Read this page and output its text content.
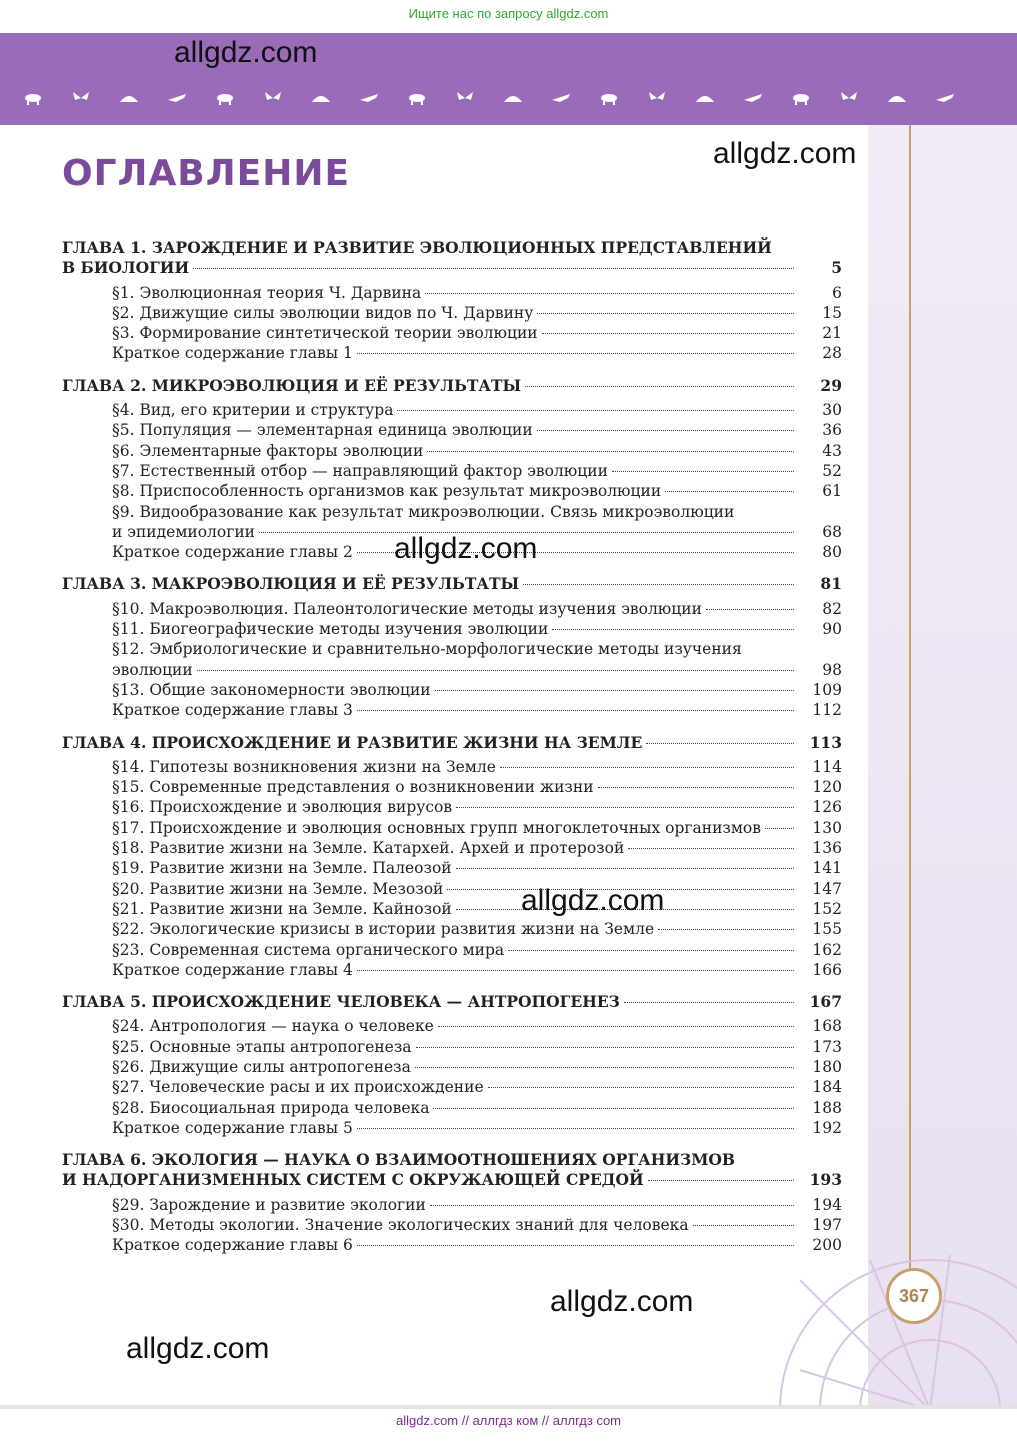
Ищите нас по запросу allgdz.com
367
ОГЛАВЛЕНИЕ
ГЛАВА 1. ЗАРОЖДЕНИЕ И РАЗВИТИЕ ЭВОЛЮЦИОННЫХ ПРЕДСТАВЛЕНИЙ
В БИОЛОГИИ	5
§1. Эволюционная теория Ч. Дарвина	6
§2. Движущие силы эволюции видов по Ч. Дарвину	15
§3. Формирование синтетической теории эволюции	21
Краткое содержание главы 1	28
ГЛАВА 2. МИКРОЭВОЛЮЦИЯ И ЕЁ РЕЗУЛЬТАТЫ	29
§4. Вид, его критерии и структура	30
§5. Популяция — элементарная единица эволюции	36
§6. Элементарные факторы эволюции	43
§7. Естественный отбор — направляющий фактор эволюции	52
§8. Приспособленность организмов как результат микроэволюции	61
§9. Видообразование как результат микроэволюции. Связь микроэволюции
и эпидемиологии	68
Краткое содержание главы 2	80
ГЛАВА 3. МАКРОЭВОЛЮЦИЯ И ЕЁ РЕЗУЛЬТАТЫ	81
§10. Макроэволюция. Палеонтологические методы изучения эволюции	82
§11. Биогеографические методы изучения эволюции	90
§12. Эмбриологические и сравнительно-морфологические методы изучения
эволюции	98
§13. Общие закономерности эволюции	109
Краткое содержание главы 3	112
ГЛАВА 4. ПРОИСХОЖДЕНИЕ И РАЗВИТИЕ ЖИЗНИ НА ЗЕМЛЕ	113
§14. Гипотезы возникновения жизни на Земле	114
§15. Современные представления о возникновении жизни	120
§16. Происхождение и эволюция вирусов	126
§17. Происхождение и эволюция основных групп многоклеточных организмов	130
§18. Развитие жизни на Земле. Катархей. Архей и протерозой	136
§19. Развитие жизни на Земле. Палеозой	141
§20. Развитие жизни на Земле. Мезозой	147
§21. Развитие жизни на Земле. Кайнозой	152
§22. Экологические кризисы в истории развития жизни на Земле	155
§23. Современная система органического мира	162
Краткое содержание главы 4	166
ГЛАВА 5. ПРОИСХОЖДЕНИЕ ЧЕЛОВЕКА — АНТРОПОГЕНЕЗ	167
§24. Антропология — наука о человеке	168
§25. Основные этапы антропогенеза	173
§26. Движущие силы антропогенеза	180
§27. Человеческие расы и их происхождение	184
§28. Биосоциальная природа человека	188
Краткое содержание главы 5	192
ГЛАВА 6. ЭКОЛОГИЯ — НАУКА О ВЗАИМООТНОШЕНИЯХ ОРГАНИЗМОВ
И НАДОРГАНИЗМЕННЫХ СИСТЕМ С ОКРУЖАЮЩЕЙ СРЕДОЙ	193
§29. Зарождение и развитие экологии	194
§30. Методы экологии. Значение экологических знаний для человека	197
Краткое содержание главы 6	200
allgdz.com
allgdz.com
allgdz.com
allgdz.com
allgdz.com
allgdz.com
allgdz.com // аллгдз ком // аллгдз com
